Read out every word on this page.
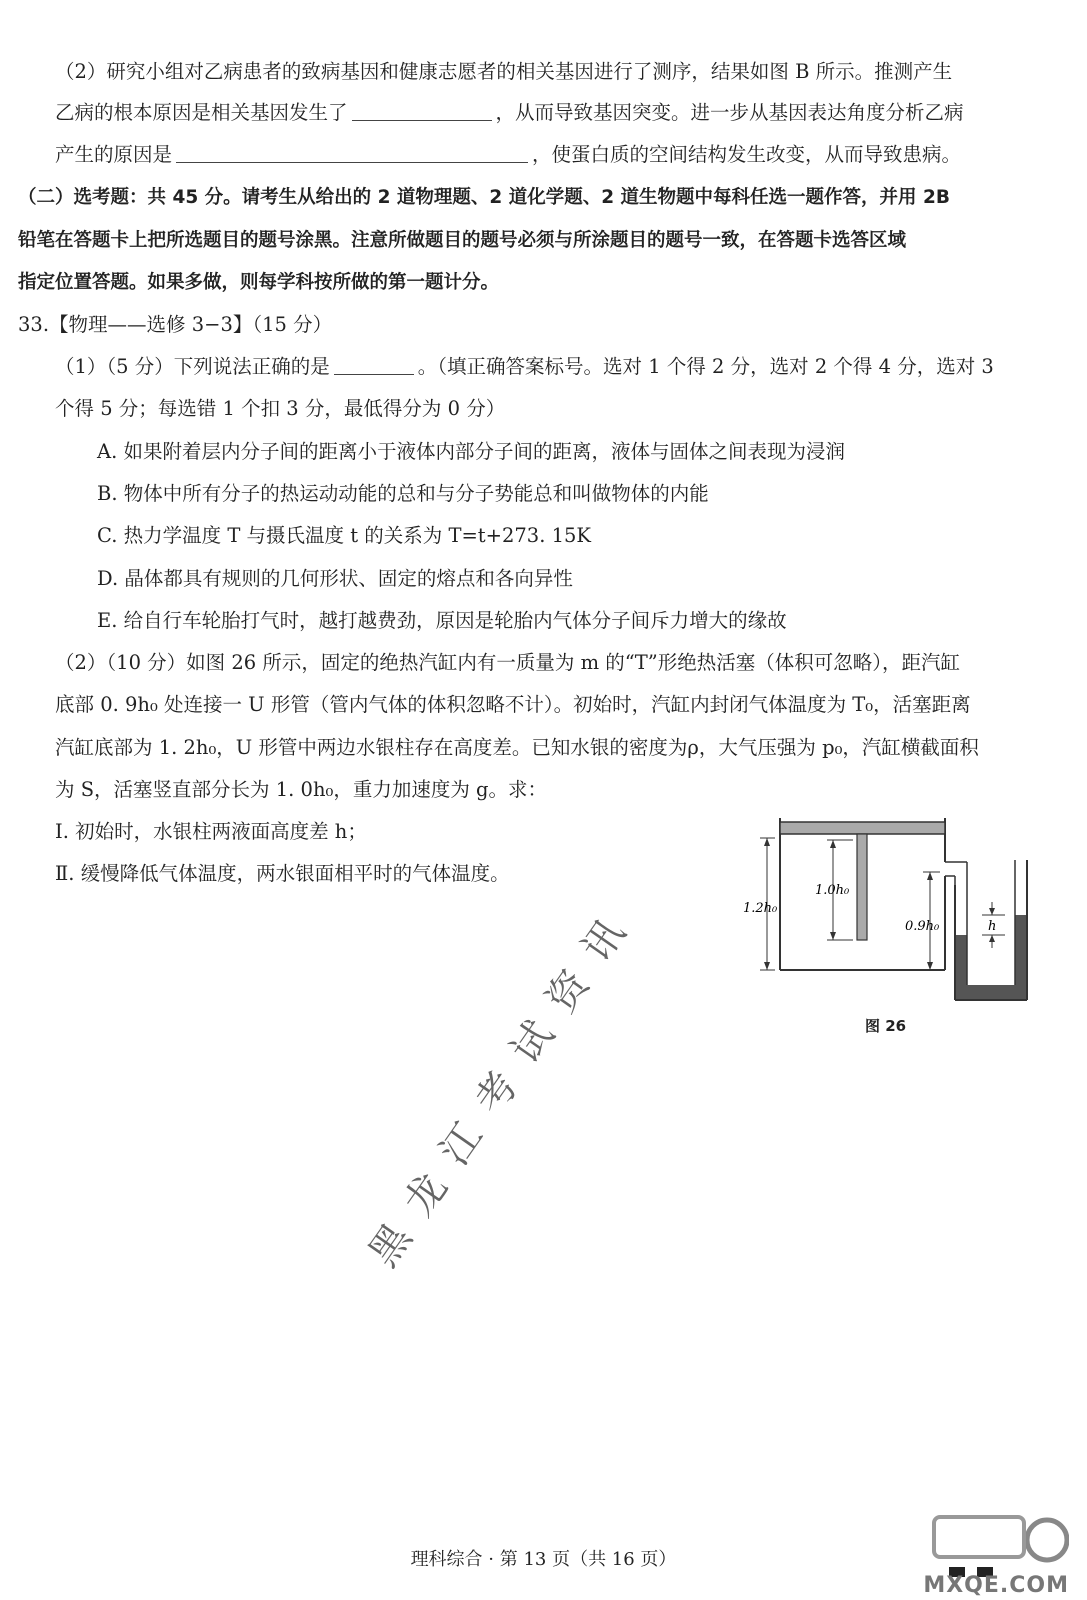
（2）研究小组对乙病患者的致病基因和健康志愿者的相关基因进行了测序，结果如图 B 所示。推测产生
乙病的根本原因是相关基因发生了	，从而导致基因突变。进一步从基因表达角度分析乙病
产生的原因是	，使蛋白质的空间结构发生改变，从而导致患病。
（二）选考题：共 45 分。请考生从给出的 2 道物理题、2 道化学题、2 道生物题中每科任选一题作答，并用 2B
铅笔在答题卡上把所选题目的题号涂黑。注意所做题目的题号必须与所涂题目的题号一致，在答题卡选答区域
指定位置答题。如果多做，则每学科按所做的第一题计分。
33.【物理——选修 3−3】（15 分）
（1）（5 分）下列说法正确的是	。（填正确答案标号。选对 1 个得 2 分，选对 2 个得 4 分，选对 3
个得 5 分；每选错 1 个扣 3 分，最低得分为 0 分）
A. 如果附着层内分子间的距离小于液体内部分子间的距离，液体与固体之间表现为浸润
B. 物体中所有分子的热运动动能的总和与分子势能总和叫做物体的内能
C. 热力学温度 T 与摄氏温度 t 的关系为 T=t+273. 15K
D. 晶体都具有规则的几何形状、固定的熔点和各向异性
E. 给自行车轮胎打气时，越打越费劲，原因是轮胎内气体分子间斥力增大的缘故
（2）（10 分）如图 26 所示，固定的绝热汽缸内有一质量为 m 的“T”形绝热活塞（体积可忽略），距汽缸
底部 0. 9h₀ 处连接一 U 形管（管内气体的体积忽略不计）。初始时，汽缸内封闭气体温度为 T₀，活塞距离
汽缸底部为 1. 2h₀，U 形管中两边水银柱存在高度差。已知水银的密度为ρ，大气压强为 p₀，汽缸横截面积
为 S，活塞竖直部分长为 1. 0h₀，重力加速度为 g。求：
Ⅰ. 初始时，水银柱两液面高度差 h；
Ⅱ. 缓慢降低气体温度，两水银面相平时的气体温度。
1.2h₀
1.0h₀
0.9h₀	h
图 26
黑龙江考试资讯
理科综合 · 第 13 页（共 16 页）
MXQE.COM
